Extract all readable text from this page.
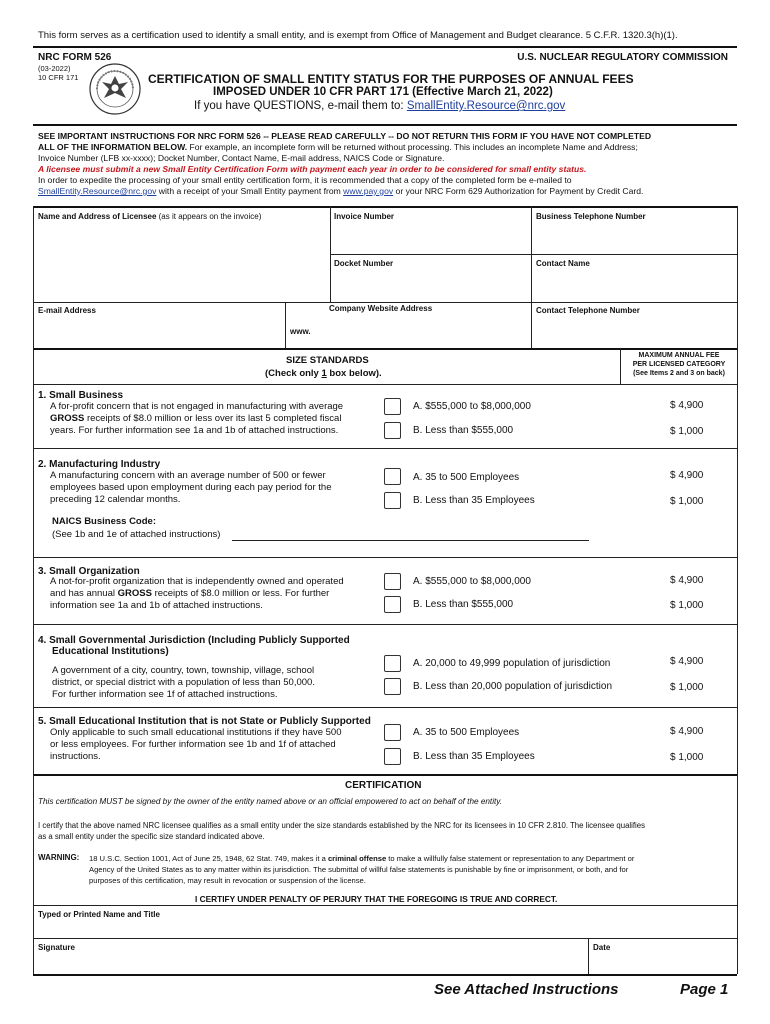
This form serves as a certification used to identify a small entity, and is exempt from Office of Management and Budget clearance. 5 C.F.R. 1320.3(h)(1).
NRC FORM 526
(03-2022)
10 CFR 171
U.S. NUCLEAR REGULATORY COMMISSION
CERTIFICATION OF SMALL ENTITY STATUS FOR THE PURPOSES OF ANNUAL FEES
IMPOSED UNDER 10 CFR PART 171 (Effective March 21, 2022)
If you have QUESTIONS, e-mail them to: SmallEntity.Resource@nrc.gov
SEE IMPORTANT INSTRUCTIONS FOR NRC FORM 526 -- PLEASE READ CAREFULLY -- DO NOT RETURN THIS FORM IF YOU HAVE NOT COMPLETED
ALL OF THE INFORMATION BELOW. For example, an incomplete form will be returned without processing. This includes an incomplete Name and Address;
Invoice Number (LFB xx-xxxx); Docket Number, Contact Name, E-mail address, NAICS Code or Signature.
A licensee must submit a new Small Entity Certification Form with payment each year in order to be considered for small entity status.
In order to expedite the processing of your small entity certification form, it is recommended that a copy of the completed form be e-mailed to
SmallEntity.Resource@nrc.gov with a receipt of your Small Entity payment from www.pay.gov or your NRC Form 629 Authorization for Payment by Credit Card.
Name and Address of Licensee (as it appears on the invoice)	Invoice Number	Business Telephone Number
Docket Number	Contact Name
E-mail Address	Company Website Address
www.
Contact Telephone Number
SIZE STANDARDS
(Check only 1 box below).
MAXIMUM ANNUAL FEE
PER LICENSED CATEGORY
(See Items 2 and 3 on back)
1. Small Business
A for-profit concern that is not engaged in manufacturing with average
GROSS receipts of $8.0 million or less over its last 5 completed fiscal
years. For further information see 1a and 1b of attached instructions.
A. $555,000 to $8,000,000	$ 4,900
B. Less than $555,000	$ 1,000
2. Manufacturing Industry
A manufacturing concern with an average number of 500 or fewer
employees based upon employment during each pay period for the
preceding 12 calendar months.
A. 35 to 500 Employees	$ 4,900
B. Less than 35 Employees	$ 1,000
NAICS Business Code:
(See 1b and 1e of attached instructions)
3. Small Organization
A not-for-profit organization that is independently owned and operated
and has annual GROSS receipts of $8.0 million or less. For further
information see 1a and 1b of attached instructions.
A. $555,000 to $8,000,000	$ 4,900
B. Less than $555,000	$ 1,000
4. Small Governmental Jurisdiction (Including Publicly Supported
Educational Institutions)
A government of a city, country, town, township, village, school
district, or special district with a population of less than 50,000.
For further information see 1f of attached instructions.
A. 20,000 to 49,999 population of jurisdiction	$ 4,900
B. Less than 20,000 population of jurisdiction	$ 1,000
5. Small Educational Institution that is not State or Publicly Supported
Only applicable to such small educational institutions if they have 500
or less employees. For further information see 1b and 1f of attached
instructions.
A. 35 to 500 Employees	$ 4,900
B. Less than 35 Employees	$ 1,000
CERTIFICATION
This certification MUST be signed by the owner of the entity named above or an official empowered to act on behalf of the entity.
I certify that the above named NRC licensee qualifies as a small entity under the size standards established by the NRC for its licensees in 10 CFR 2.810. The licensee qualifies
as a small entity under the specific size standard indicated above.
WARNING: 18 U.S.C. Section 1001, Act of June 25, 1948, 62 Stat. 749, makes it a criminal offense to make a willfully false statement or representation to any Department or
Agency of the United States as to any matter within its jurisdiction. The submittal of willful false statements is punishable by fine or imprisonment, or both, and for
purposes of this certification, may result in revocation or suspension of the license.
I CERTIFY UNDER PENALTY OF PERJURY THAT THE FOREGOING IS TRUE AND CORRECT.
Typed or Printed Name and Title
Signature	Date
See Attached Instructions	Page 1
